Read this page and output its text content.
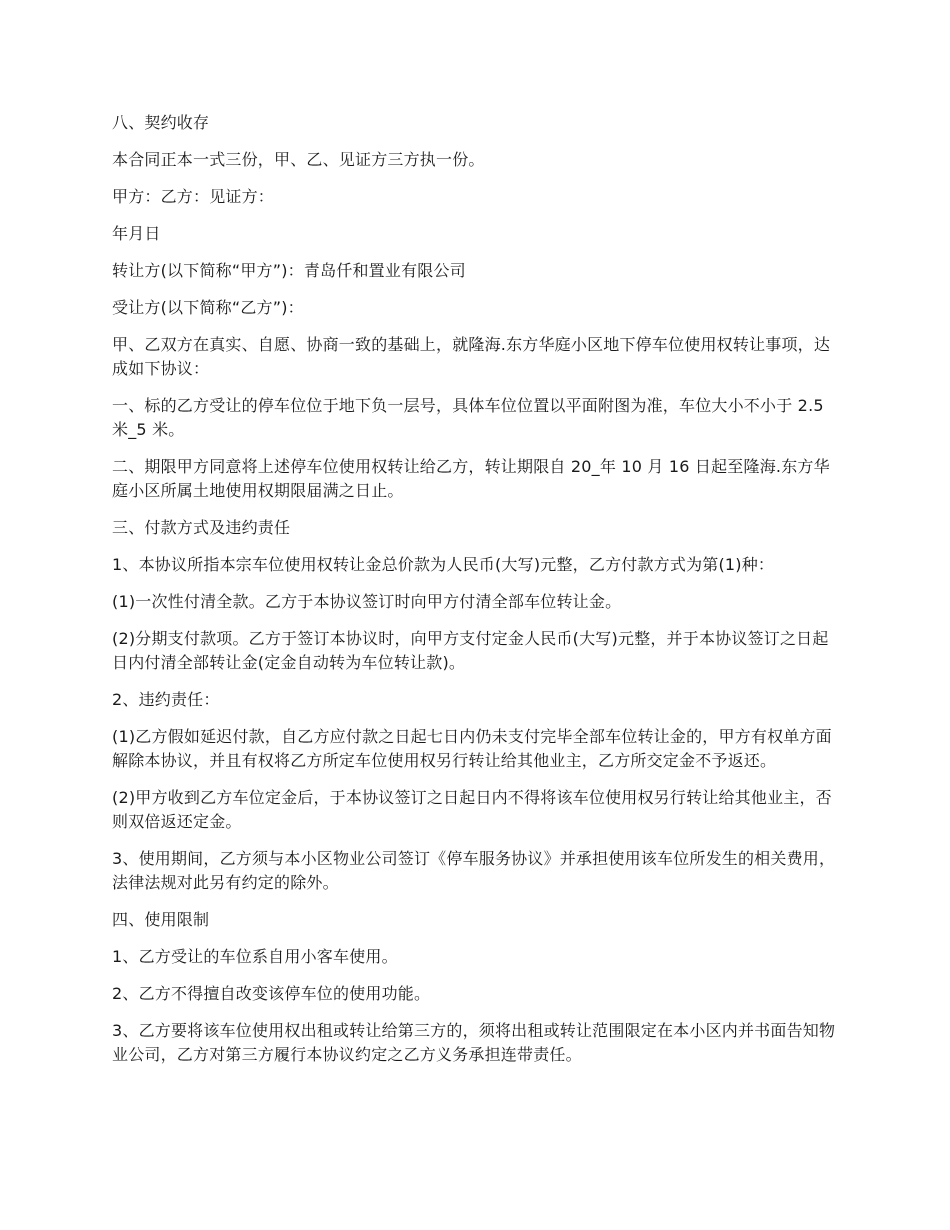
八、契约收存

本合同正本一式三份，甲、乙、见证方三方执一份。

甲方：乙方：见证方：

年月日

转让方(以下简称“甲方”)：青岛仟和置业有限公司

受让方(以下简称“乙方”)：

甲、乙双方在真实、自愿、协商一致的基础上，就隆海.东方华庭小区地下停车位使用权转让事项，达成如下协议：

一、标的乙方受让的停车位位于地下负一层号，具体车位位置以平面附图为准，车位大小不小于 2.5 米_5 米。

二、期限甲方同意将上述停车位使用权转让给乙方，转让期限自 20_年 10 月 16 日起至隆海.东方华庭小区所属土地使用权期限届满之日止。

三、付款方式及违约责任

1、本协议所指本宗车位使用权转让金总价款为人民币(大写)元整，乙方付款方式为第(1)种：

(1)一次性付清全款。乙方于本协议签订时向甲方付清全部车位转让金。

(2)分期支付款项。乙方于签订本协议时，向甲方支付定金人民币(大写)元整，并于本协议签订之日起日内付清全部转让金(定金自动转为车位转让款)。

2、违约责任：

(1)乙方假如延迟付款，自乙方应付款之日起七日内仍未支付完毕全部车位转让金的，甲方有权单方面解除本协议，并且有权将乙方所定车位使用权另行转让给其他业主，乙方所交定金不予返还。

(2)甲方收到乙方车位定金后，于本协议签订之日起日内不得将该车位使用权另行转让给其他业主，否则双倍返还定金。

3、使用期间，乙方须与本小区物业公司签订《停车服务协议》并承担使用该车位所发生的相关费用，法律法规对此另有约定的除外。

四、使用限制

1、乙方受让的车位系自用小客车使用。

2、乙方不得擅自改变该停车位的使用功能。

3、乙方要将该车位使用权出租或转让给第三方的，须将出租或转让范围限定在本小区内并书面告知物业公司，乙方对第三方履行本协议约定之乙方义务承担连带责任。
